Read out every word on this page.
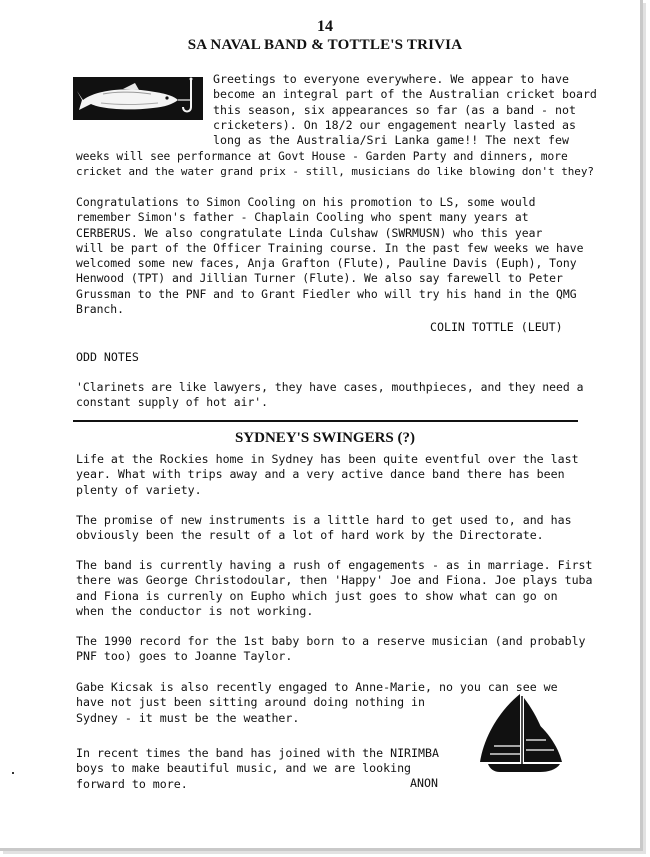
14
SA NAVAL BAND & TOTTLE'S TRIVIA

Greetings to everyone everywhere. We appear to have
become an integral part of the Australian cricket board
this season, six appearances so far (as a band - not
cricketers). On 18/2 our engagement nearly lasted as
long as the Australia/Sri Lanka game!! The next few

weeks will see performance at Govt House - Garden Party and dinners, more
cricket and the water grand prix - still, musicians do like blowing don't they?

Congratulations to Simon Cooling on his promotion to LS, some would
remember Simon's father - Chaplain Cooling who spent many years at
CERBERUS. We also congratulate Linda Culshaw (SWRMUSN) who this year
will be part of the Officer Training course. In the past few weeks we have
welcomed some new faces, Anja Grafton (Flute), Pauline Davis (Euph), Tony
Henwood (TPT) and Jillian Turner (Flute). We also say farewell to Peter
Grussman to the PNF and to Grant Fiedler who will try his hand in the QMG
Branch.

COLIN TOTTLE (LEUT)

ODD NOTES

'Clarinets are like lawyers, they have cases, mouthpieces, and they need a
constant supply of hot air'.

SYDNEY'S SWINGERS (?)

Life at the Rockies home in Sydney has been quite eventful over the last
year. What with trips away and a very active dance band there has been
plenty of variety.

The promise of new instruments is a little hard to get used to, and has
obviously been the result of a lot of hard work by the Directorate.

The band is currently having a rush of engagements - as in marriage. First
there was George Christodoular, then 'Happy' Joe and Fiona. Joe plays tuba
and Fiona is currenly on Eupho which just goes to show what can go on
when the conductor is not working.

The 1990 record for the 1st baby born to a reserve musician (and probably
PNF too) goes to Joanne Taylor.

Gabe Kicsak is also recently engaged to Anne-Marie, no you can see we
have not just been sitting around doing nothing in
Sydney - it must be the weather.

In recent times the band has joined with the NIRIMBA
boys to make beautiful music, and we are looking
forward to more.	ANON
